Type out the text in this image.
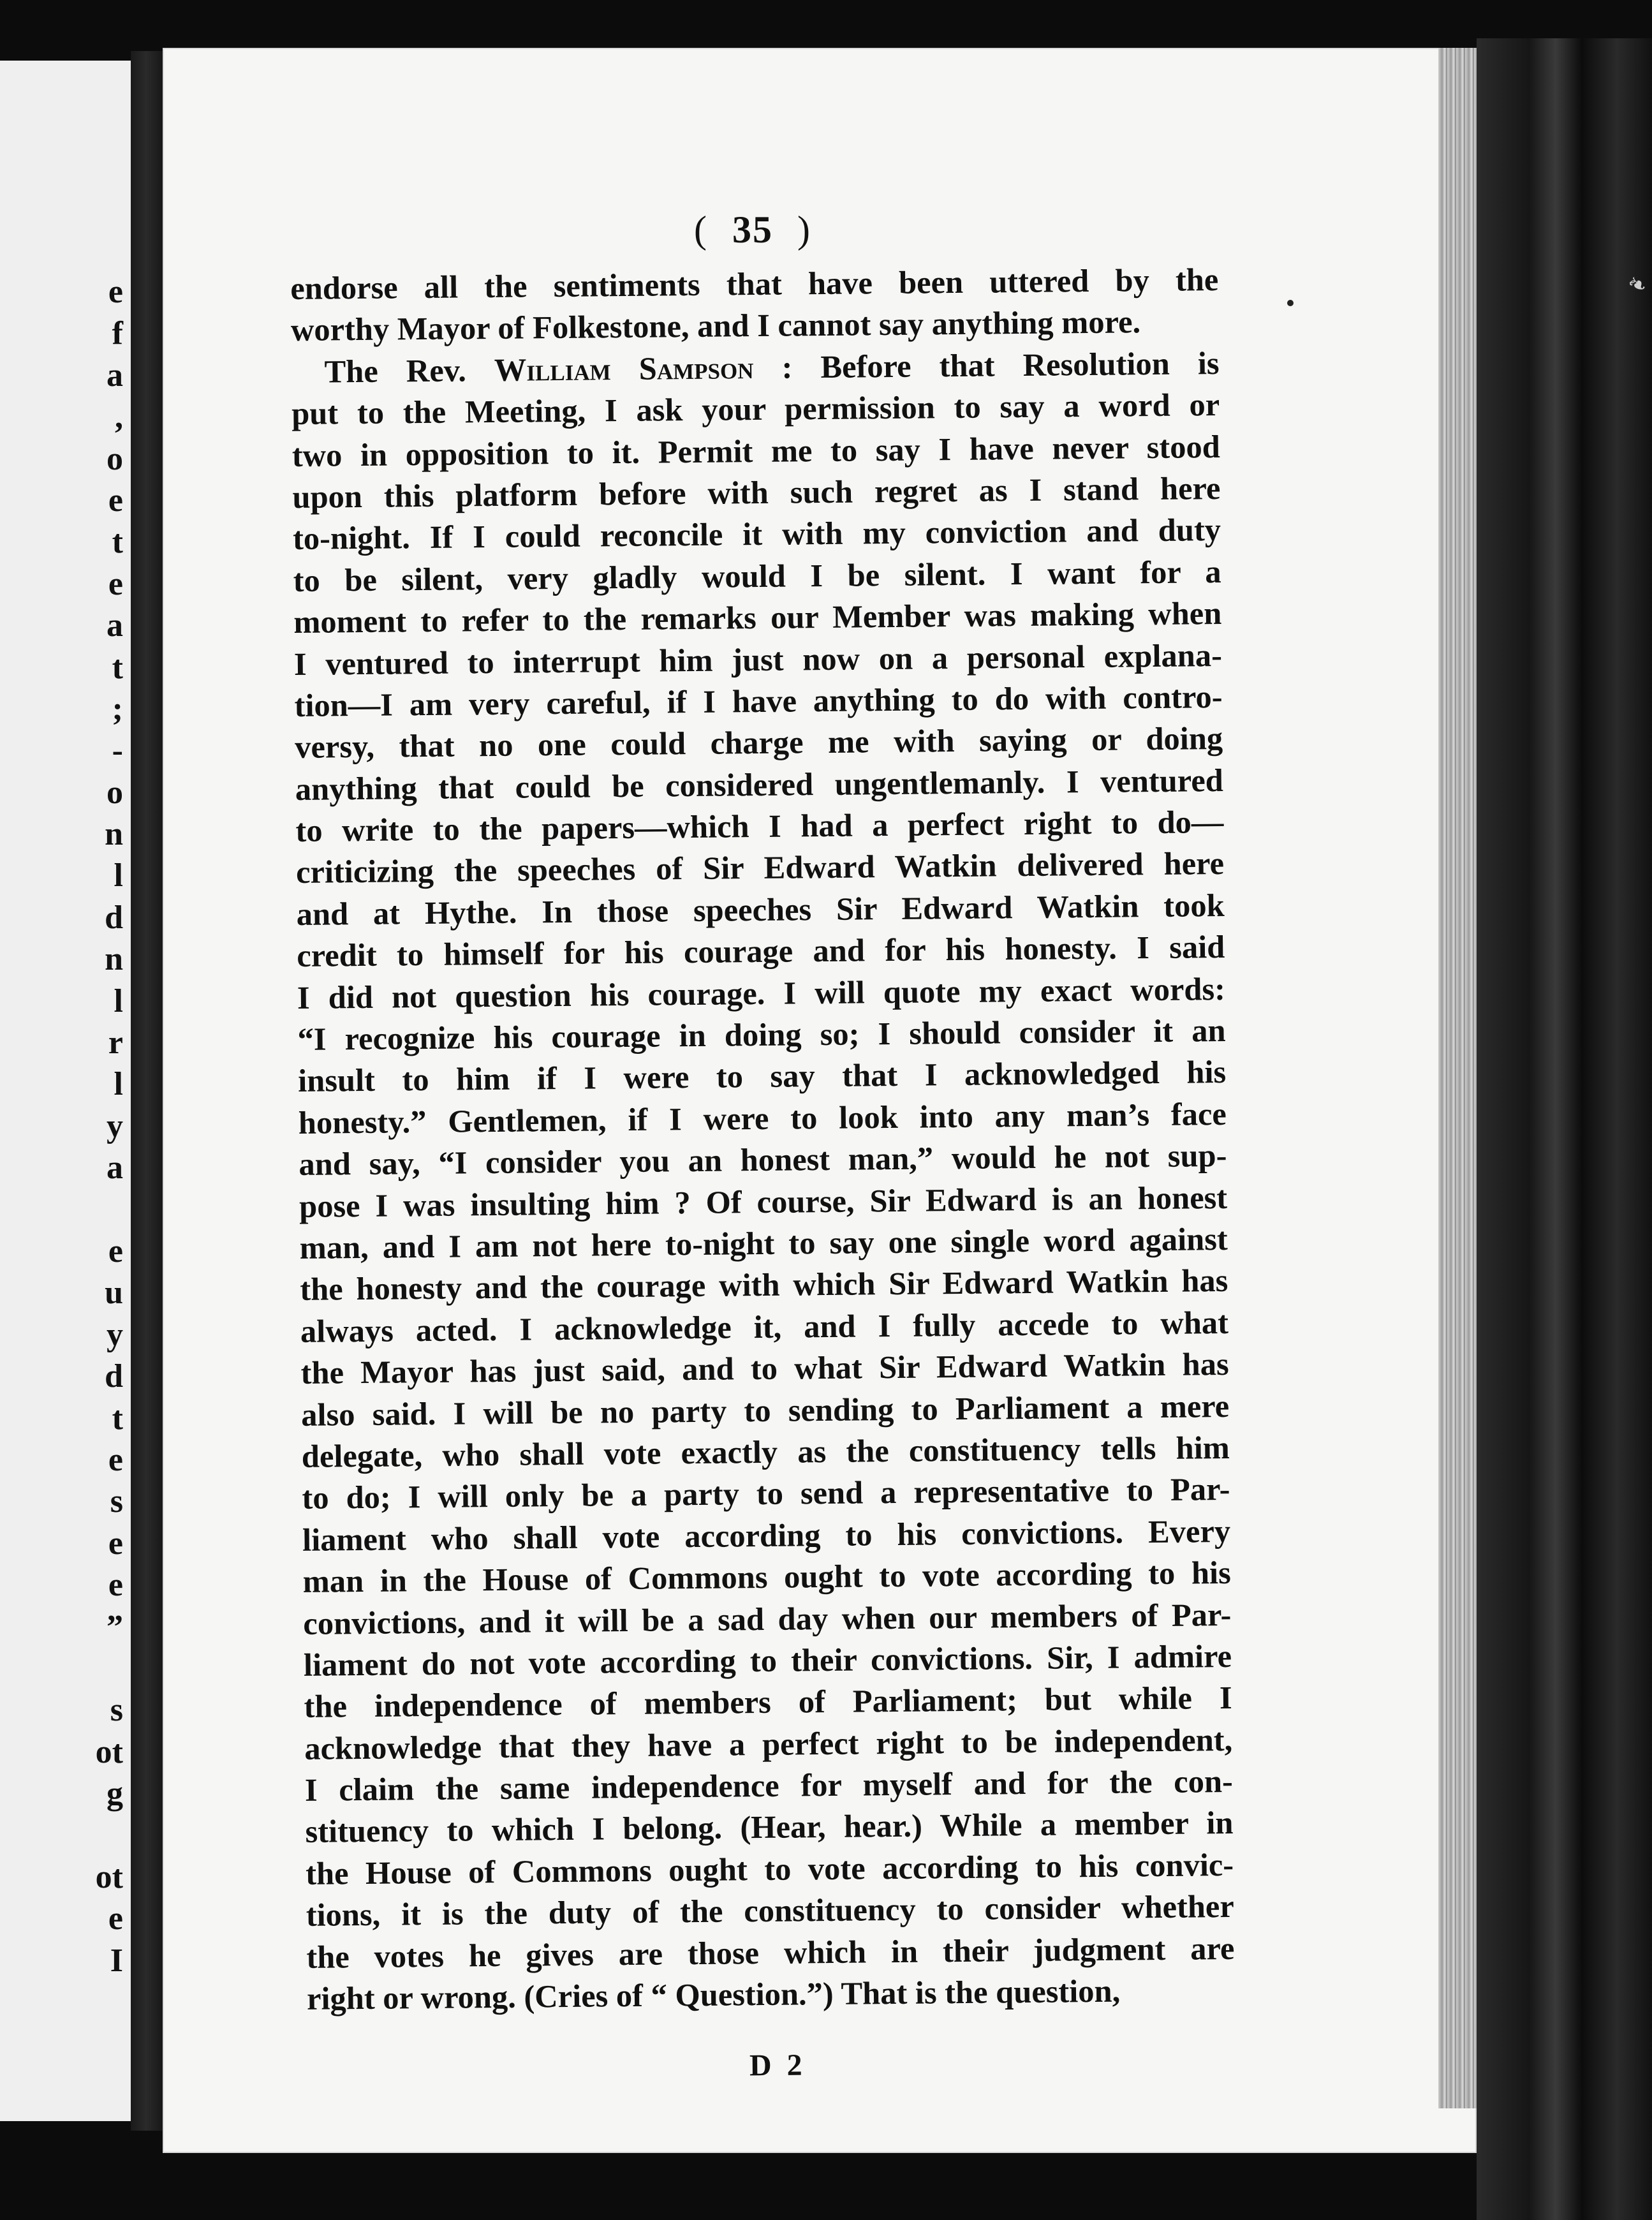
e
f
a
,
o
e
t
e
a
t
;
-
o
n
l
d
n
l
r
l
y
a
e
u
y
d
t
e
s
e
e
”
s
ot
g
ot
e
I
❧
( 35 )
endorse all the sentiments that have been uttered by the
worthy Mayor of Folkestone, and I cannot say anything more.
The Rev. William Sampson : Before that Resolution is
put to the Meeting, I ask your permission to say a word or
two in opposition to it. Permit me to say I have never stood
upon this platform before with such regret as I stand here
to-night. If I could reconcile it with my conviction and duty
to be silent, very gladly would I be silent. I want for a
moment to refer to the remarks our Member was making when
I ventured to interrupt him just now on a personal explana-
tion—I am very careful, if I have anything to do with contro-
versy, that no one could charge me with saying or doing
anything that could be considered ungentlemanly. I ventured
to write to the papers—which I had a perfect right to do—
criticizing the speeches of Sir Edward Watkin delivered here
and at Hythe. In those speeches Sir Edward Watkin took
credit to himself for his courage and for his honesty. I said
I did not question his courage. I will quote my exact words:
“I recognize his courage in doing so; I should consider it an
insult to him if I were to say that I acknowledged his
honesty.” Gentlemen, if I were to look into any man’s face
and say, “I consider you an honest man,” would he not sup-
pose I was insulting him ? Of course, Sir Edward is an honest
man, and I am not here to-night to say one single word against
the honesty and the courage with which Sir Edward Watkin has
always acted. I acknowledge it, and I fully accede to what
the Mayor has just said, and to what Sir Edward Watkin has
also said. I will be no party to sending to Parliament a mere
delegate, who shall vote exactly as the constituency tells him
to do; I will only be a party to send a representative to Par-
liament who shall vote according to his convictions. Every
man in the House of Commons ought to vote according to his
convictions, and it will be a sad day when our members of Par-
liament do not vote according to their convictions. Sir, I admire
the independence of members of Parliament; but while I
acknowledge that they have a perfect right to be independent,
I claim the same independence for myself and for the con-
stituency to which I belong. (Hear, hear.) While a member in
the House of Commons ought to vote according to his convic-
tions, it is the duty of the constituency to consider whether
the votes he gives are those which in their judgment are
right or wrong. (Cries of “ Question.”) That is the question,
D 2
